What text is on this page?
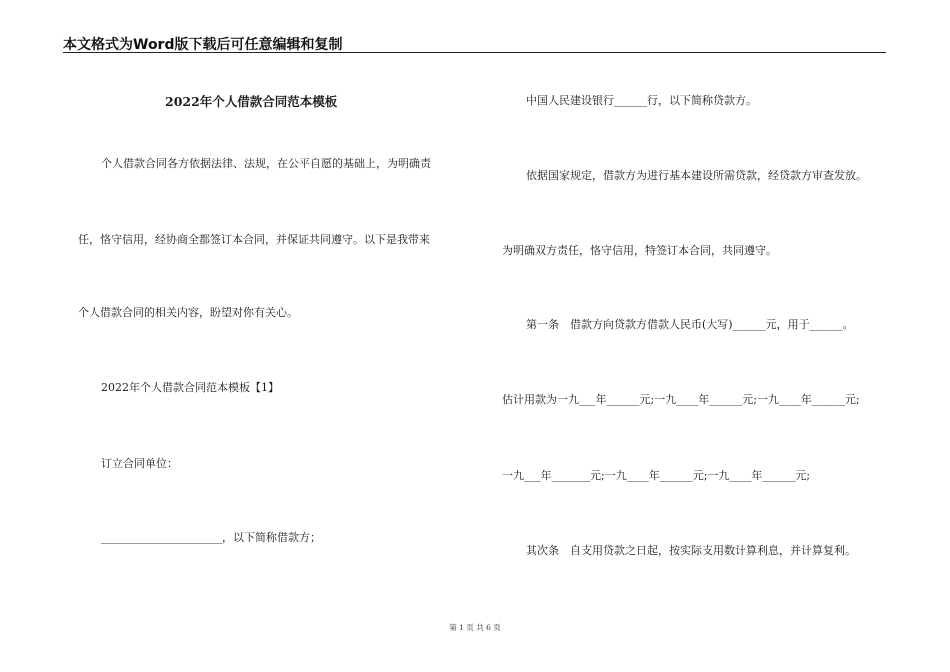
本文格式为Word版下载后可任意编辑和复制
2022年个人借款合同范本模板
个人借款合同各方依据法律、法规，在公平自愿的基础上，为明确责
任，恪守信用，经协商全都签订本合同，并保证共同遵守。以下是我带来
个人借款合同的相关内容，盼望对你有关心。
2022年个人借款合同范本模板【1】
订立合同单位：
______________________，以下简称借款方；
中国人民建设银行______行，以下简称贷款方。
依据国家规定，借款方为进行基本建设所需贷款，经贷款方审查发放。
为明确双方责任，恪守信用，特签订本合同，共同遵守。
第一条　借款方向贷款方借款人民币(大写)______元，用于______。
估计用款为一九___年______元;一九____年______元;一九____年______元;
一九___年_______元;一九____年______元;一九____年______元;
其次条　自支用贷款之日起，按实际支用数计算利息，并计算复利。
第 1 页 共 6 页
